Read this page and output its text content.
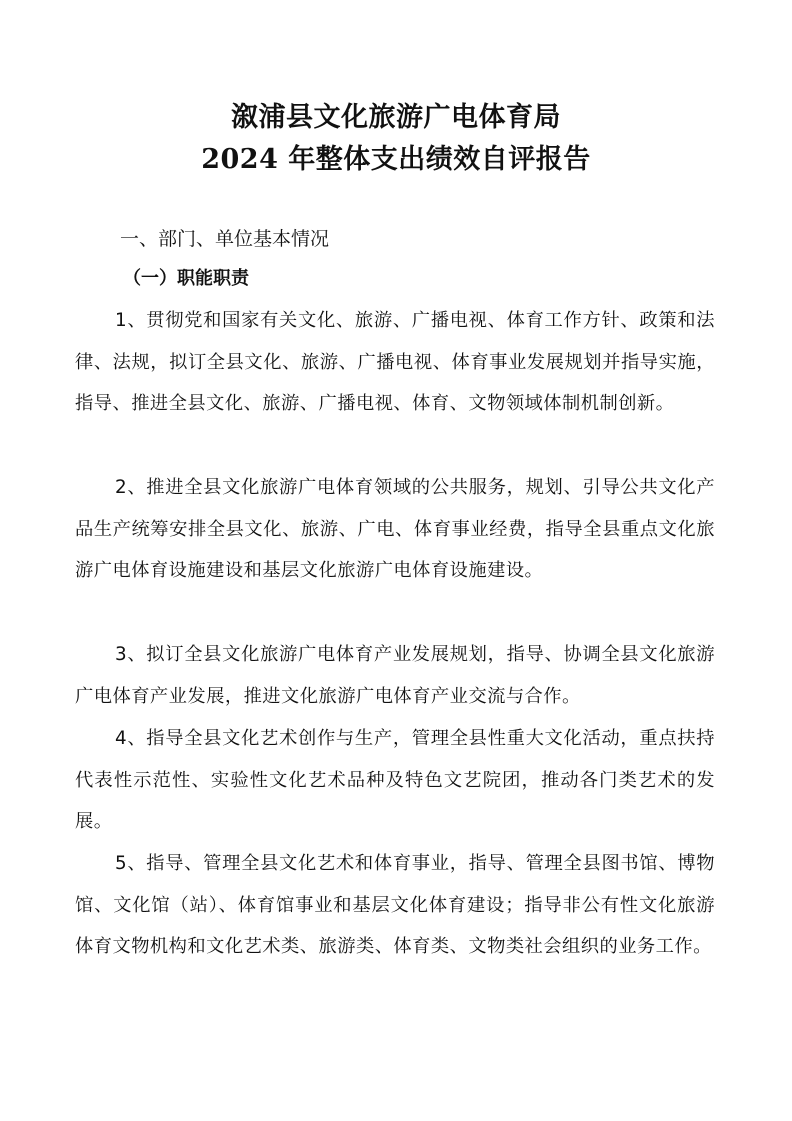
溆浦县文化旅游广电体育局
2024 年整体支出绩效自评报告
一、部门、单位基本情况
（一）职能职责

1、贯彻党和国家有关文化、旅游、广播电视、体育工作方针、政策和法律、法规，拟订全县文化、旅游、广播电视、体育事业发展规划并指导实施，指导、推进全县文化、旅游、广播电视、体育、文物领域体制机制创新。

2、推进全县文化旅游广电体育领域的公共服务，规划、引导公共文化产品生产统筹安排全县文化、旅游、广电、体育事业经费，指导全县重点文化旅游广电体育设施建设和基层文化旅游广电体育设施建设。

3、拟订全县文化旅游广电体育产业发展规划，指导、协调全县文化旅游广电体育产业发展，推进文化旅游广电体育产业交流与合作。

4、指导全县文化艺术创作与生产，管理全县性重大文化活动，重点扶持代表性示范性、实验性文化艺术品种及特色文艺院团，推动各门类艺术的发展。

5、指导、管理全县文化艺术和体育事业，指导、管理全县图书馆、博物馆、文化馆（站）、体育馆事业和基层文化体育建设；指导非公有性文化旅游体育文物机构和文化艺术类、旅游类、体育类、文物类社会组织的业务工作。
